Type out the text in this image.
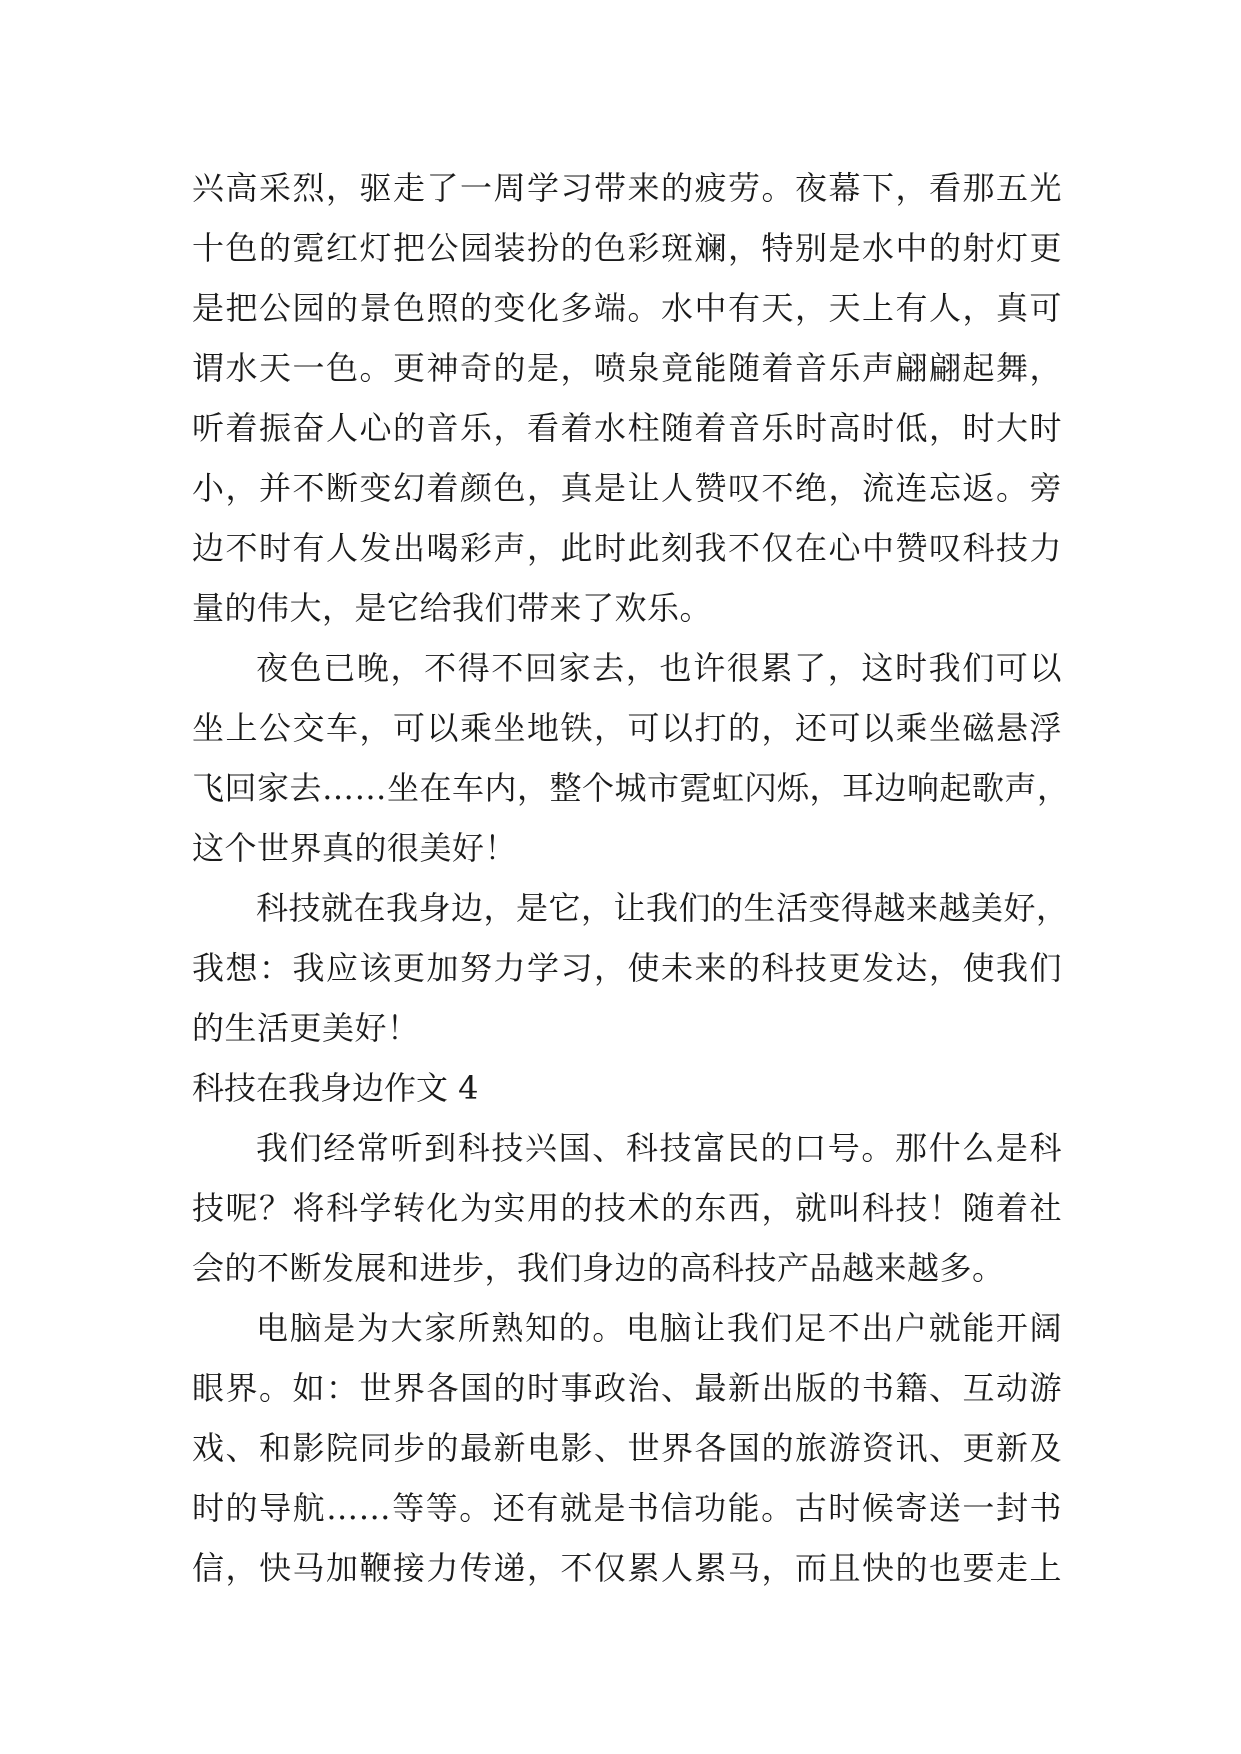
兴高采烈，驱走了一周学习带来的疲劳。夜幕下，看那五光
十色的霓红灯把公园装扮的色彩斑斓，特别是水中的射灯更
是把公园的景色照的变化多端。水中有天，天上有人，真可
谓水天一色。更神奇的是，喷泉竟能随着音乐声翩翩起舞，
听着振奋人心的音乐，看着水柱随着音乐时高时低，时大时
小，并不断变幻着颜色，真是让人赞叹不绝，流连忘返。旁
边不时有人发出喝彩声，此时此刻我不仅在心中赞叹科技力
量的伟大，是它给我们带来了欢乐。
夜色已晚，不得不回家去，也许很累了，这时我们可以
坐上公交车，可以乘坐地铁，可以打的，还可以乘坐磁悬浮
飞回家去……坐在车内，整个城市霓虹闪烁，耳边响起歌声，
这个世界真的很美好！
科技就在我身边，是它，让我们的生活变得越来越美好，
我想：我应该更加努力学习，使未来的科技更发达，使我们
的生活更美好！
科技在我身边作文 4
我们经常听到科技兴国、科技富民的口号。那什么是科
技呢？将科学转化为实用的技术的东西，就叫科技！随着社
会的不断发展和进步，我们身边的高科技产品越来越多。
电脑是为大家所熟知的。电脑让我们足不出户就能开阔
眼界。如：世界各国的时事政治、最新出版的书籍、互动游
戏、和影院同步的最新电影、世界各国的旅游资讯、更新及
时的导航……等等。还有就是书信功能。古时候寄送一封书
信，快马加鞭接力传递，不仅累人累马，而且快的也要走上
